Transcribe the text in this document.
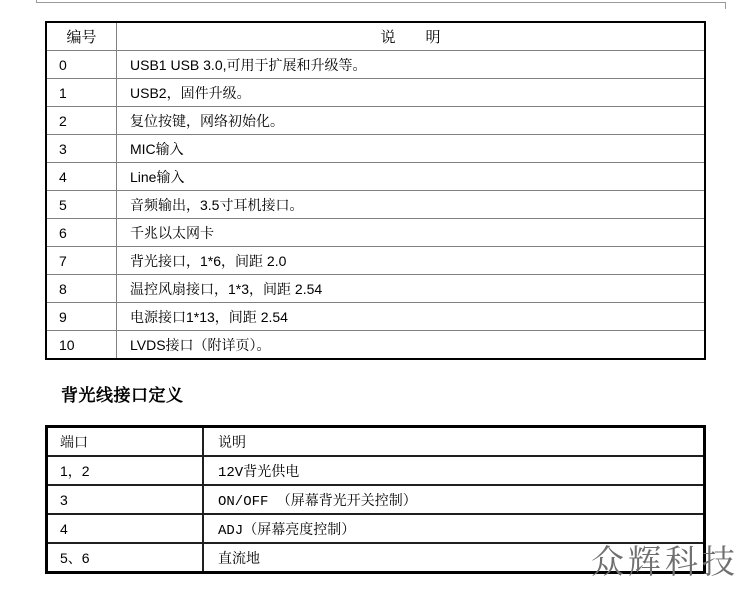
编号	说　　明
0	USB1 USB 3.0,可用于扩展和升级等。
1	USB2，固件升级。
2	复位按键，网络初始化。
3	MIC输入
4	Line输入
5	音频输出，3.5寸耳机接口。
6	千兆以太网卡
7	背光接口，1*6，间距 2.0
8	温控风扇接口，1*3，间距 2.54
9	电源接口1*13，间距 2.54
10	LVDS接口（附详页）。
背光线接口定义
端口	说明
1，2	12V背光供电
3	ON/OFF （屏幕背光开关控制）
4	ADJ（屏幕亮度控制）
5、6	直流地	众辉科技
